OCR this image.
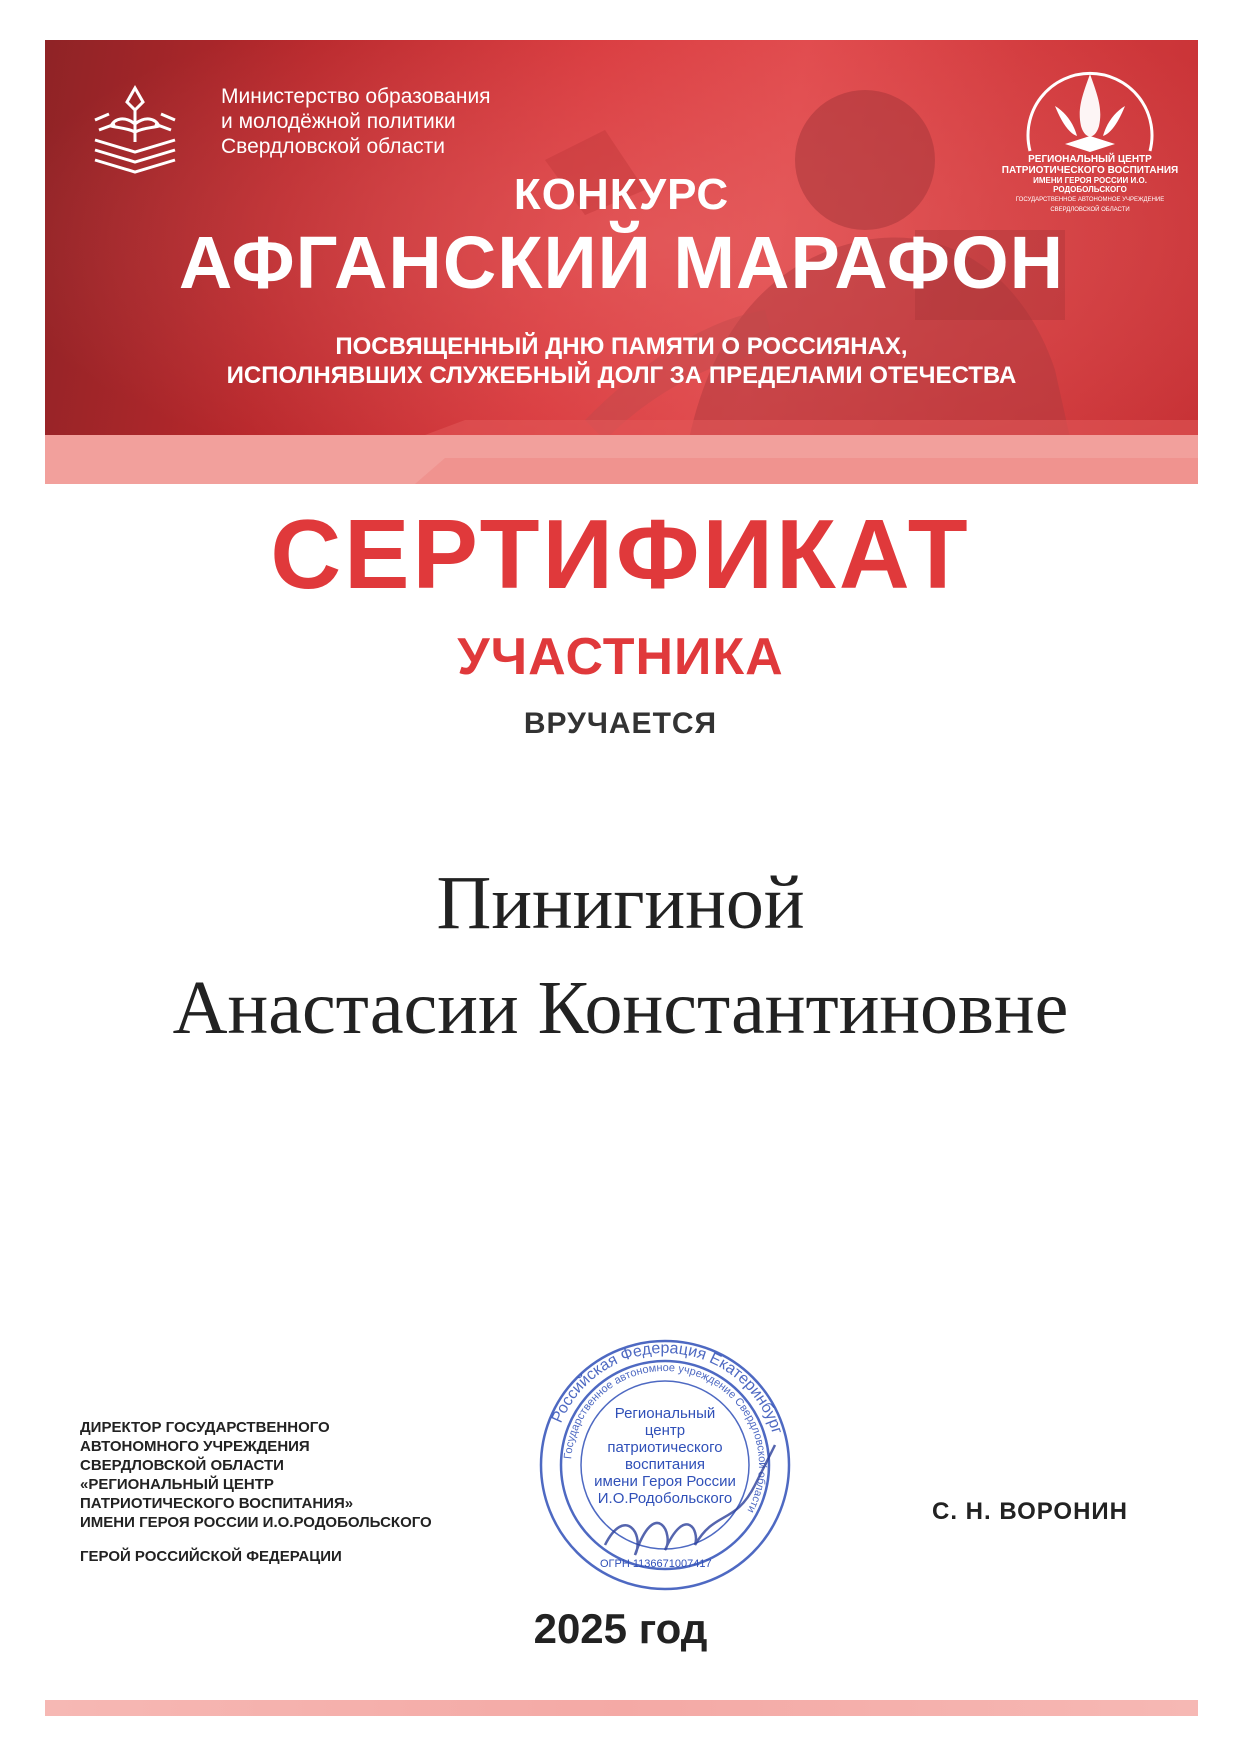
Министерство образования
и молодёжной политики
Свердловской области
РЕГИОНАЛЬНЫЙ ЦЕНТР
ПАТРИОТИЧЕСКОГО ВОСПИТАНИЯ
ИМЕНИ ГЕРОЯ РОССИИ И.О. РОДОБОЛЬСКОГО
ГОСУДАРСТВЕННОЕ АВТОНОМНОЕ УЧРЕЖДЕНИЕ
СВЕРДЛОВСКОЙ ОБЛАСТИ
КОНКУРС
АФГАНСКИЙ МАРАФОН
ПОСВЯЩЕННЫЙ ДНЮ ПАМЯТИ О РОССИЯНАХ,
ИСПОЛНЯВШИХ СЛУЖЕБНЫЙ ДОЛГ ЗА ПРЕДЕЛАМИ ОТЕЧЕСТВА
СЕРТИФИКАТ
УЧАСТНИКА
ВРУЧАЕТСЯ
Пинигиной
Анастасии Константиновне
ДИРЕКТОР ГОСУДАРСТВЕННОГО
АВТОНОМНОГО УЧРЕЖДЕНИЯ
СВЕРДЛОВСКОЙ ОБЛАСТИ
«РЕГИОНАЛЬНЫЙ ЦЕНТР
ПАТРИОТИЧЕСКОГО ВОСПИТАНИЯ»
ИМЕНИ ГЕРОЯ РОССИИ И.О.РОДОБОЛЬСКОГО
ГЕРОЙ РОССИЙСКОЙ ФЕДЕРАЦИИ
Российская Федерация Екатеринбург
Государственное автономное учреждение Свердловской области
Региональный
центр
патриотического
воспитания
имени Героя России
И.О.Родобольского
ОГРН 1136671007417
С. Н. ВОРОНИН
2025 год
